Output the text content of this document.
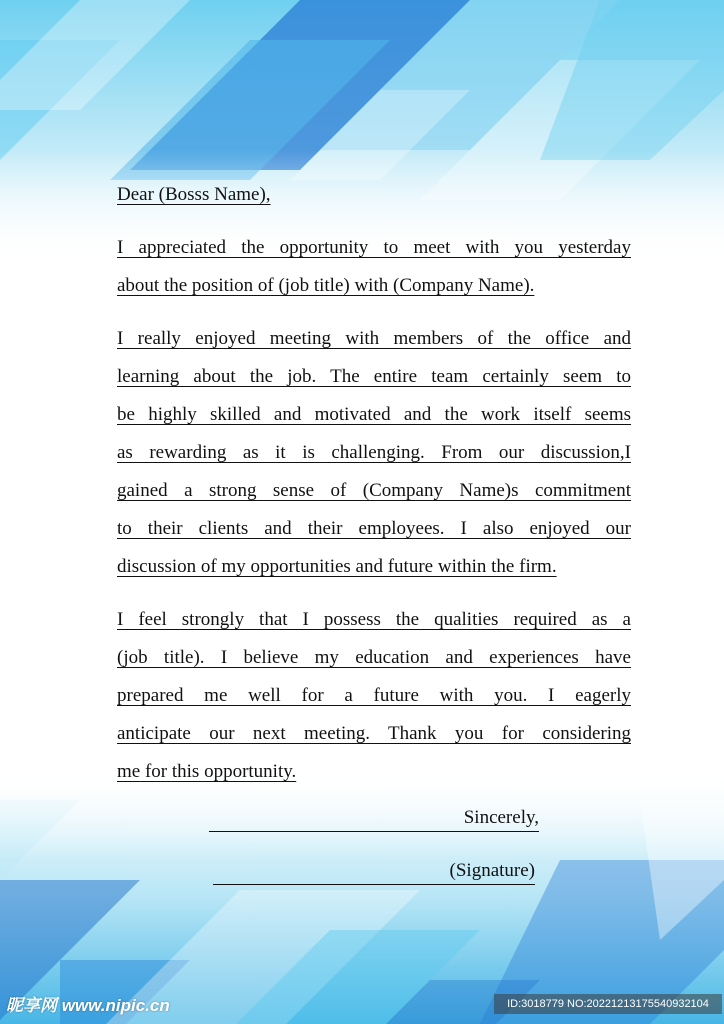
Dear (Bosss Name),
I appreciated the opportunity to meet with you yesterday
about the position of (job title) with (Company Name).
I really enjoyed meeting with members of the office and
learning about the job. The entire team certainly seem to
be highly skilled and motivated and the work itself seems
as rewarding as it is challenging. From our discussion,I
gained a strong sense of (Company Name)s commitment
to their clients and their employees. I also enjoyed our
discussion of my opportunities and future within the firm.
I feel strongly that I possess the qualities required as a
(job title). I believe my education and experiences have
prepared me well for a future with you. I eagerly
anticipate our next meeting. Thank you for considering
me for this opportunity.
Sincerely,
(Signature)
昵享网 www.nipic.cn	ID:3018779 NO:20221213175540932104
